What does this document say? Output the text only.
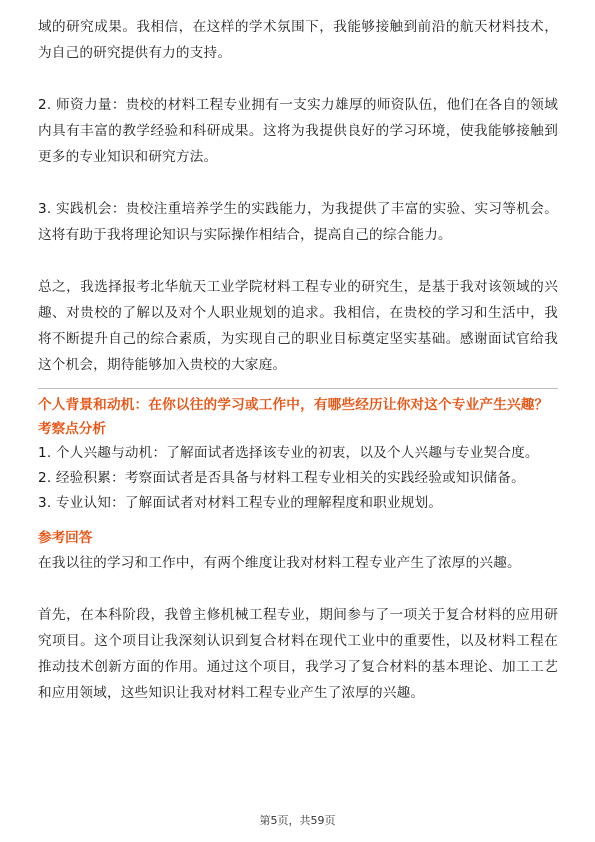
域的研究成果。我相信，在这样的学术氛围下，我能够接触到前沿的航天材料技术，为自己的研究提供有力的支持。

2. 师资力量：贵校的材料工程专业拥有一支实力雄厚的师资队伍，他们在各自的领域内具有丰富的教学经验和科研成果。这将为我提供良好的学习环境，使我能够接触到更多的专业知识和研究方法。

3. 实践机会：贵校注重培养学生的实践能力，为我提供了丰富的实验、实习等机会。这将有助于我将理论知识与实际操作相结合，提高自己的综合能力。

总之，我选择报考北华航天工业学院材料工程专业的研究生，是基于我对该领域的兴趣、对贵校的了解以及对个人职业规划的追求。我相信，在贵校的学习和生活中，我将不断提升自己的综合素质，为实现自己的职业目标奠定坚实基础。感谢面试官给我这个机会，期待能够加入贵校的大家庭。

个人背景和动机：在你以往的学习或工作中，有哪些经历让你对这个专业产生兴趣？

考察点分析

1. 个人兴趣与动机：了解面试者选择该专业的初衷，以及个人兴趣与专业契合度。

2. 经验积累：考察面试者是否具备与材料工程专业相关的实践经验或知识储备。

3. 专业认知：了解面试者对材料工程专业的理解程度和职业规划。

参考回答

在我以往的学习和工作中，有两个维度让我对材料工程专业产生了浓厚的兴趣。

首先，在本科阶段，我曾主修机械工程专业，期间参与了一项关于复合材料的应用研究项目。这个项目让我深刻认识到复合材料在现代工业中的重要性，以及材料工程在推动技术创新方面的作用。通过这个项目，我学习了复合材料的基本理论、加工工艺和应用领域，这些知识让我对材料工程专业产生了浓厚的兴趣。

第5页，共59页
